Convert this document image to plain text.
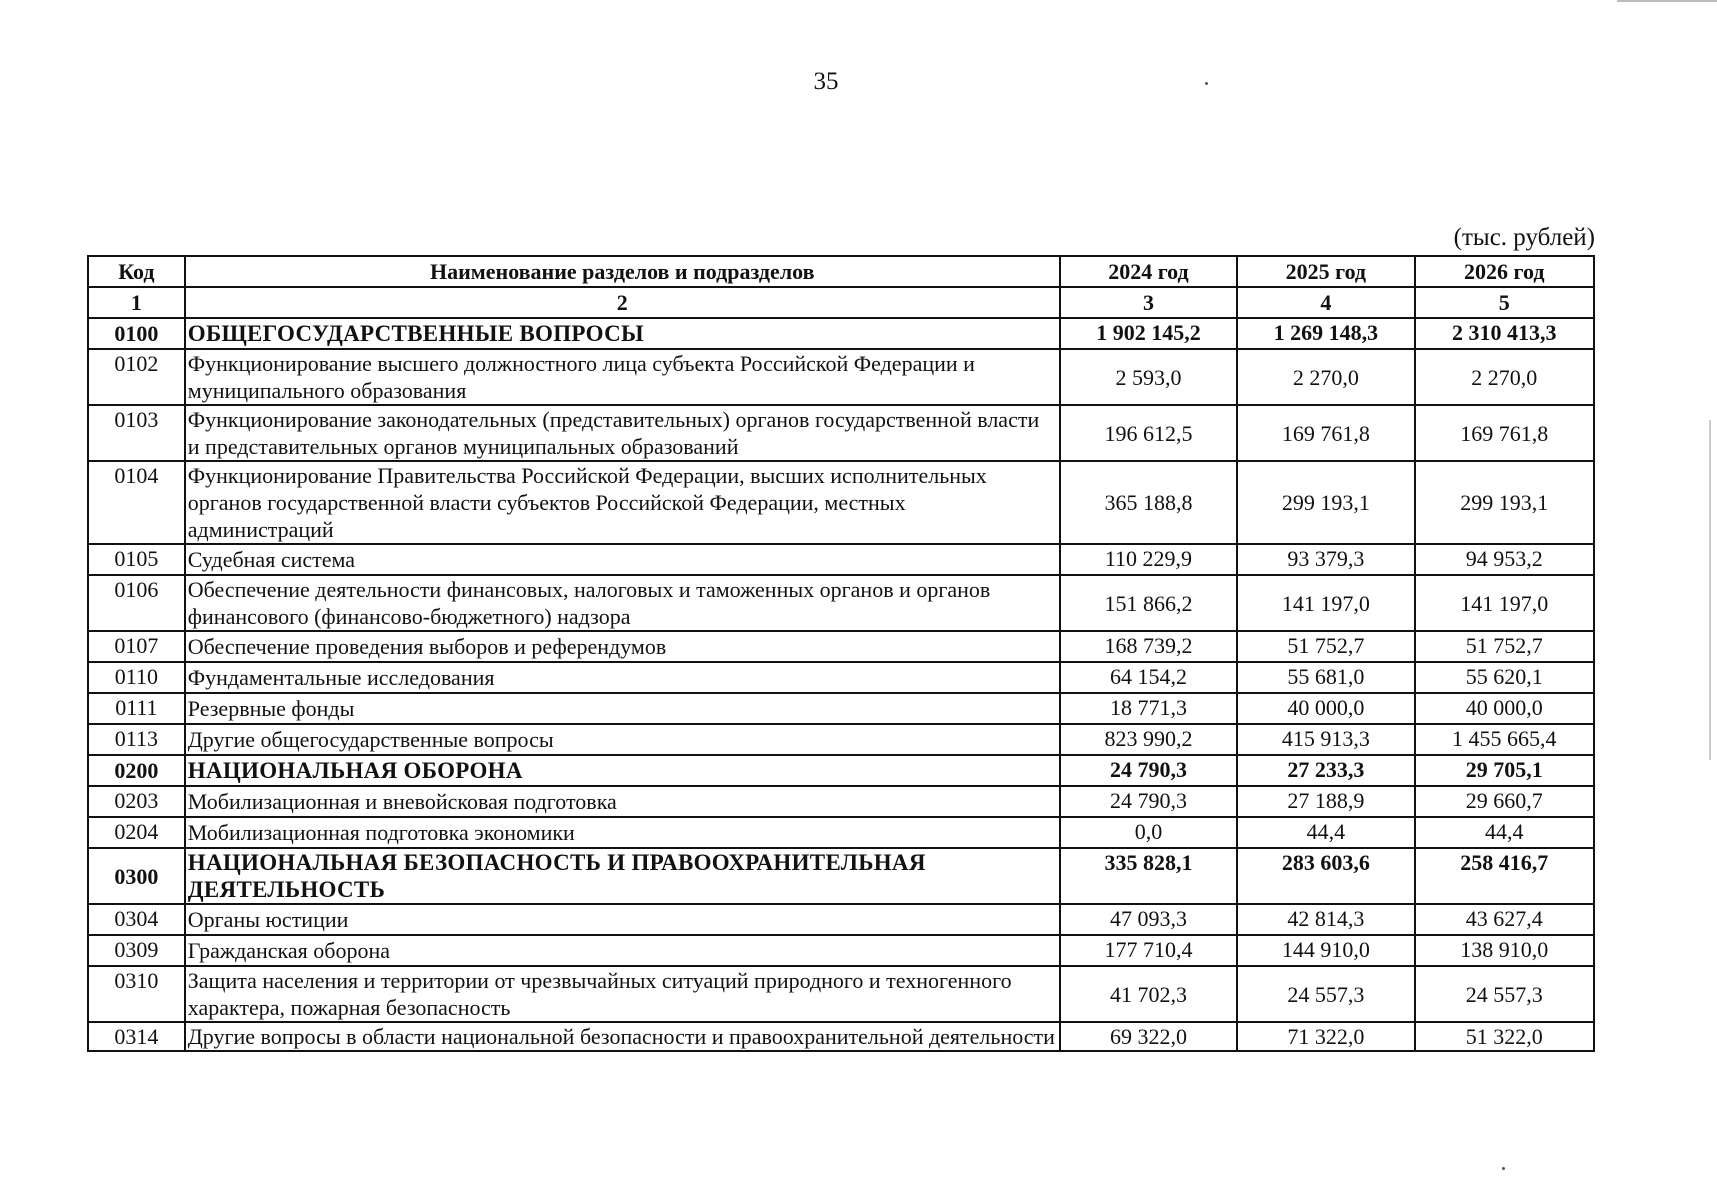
35
(тыс. рублей)
Код	Наименование разделов и подразделов	2024 год	2025 год	2026 год
1	2	3	4	5
0100	ОБЩЕГОСУДАРСТВЕННЫЕ ВОПРОСЫ	1 902 145,2	1 269 148,3	2 310 413,3
0102	Функционирование высшего должностного лица субъекта Российской Федерации и муниципального образования	2 593,0	2 270,0	2 270,0
0103	Функционирование законодательных (представительных) органов государственной власти и представительных органов муниципальных образований	196 612,5	169 761,8	169 761,8
0104	Функционирование Правительства Российской Федерации, высших исполнительных органов государственной власти субъектов Российской Федерации, местных администраций	365 188,8	299 193,1	299 193,1
0105	Судебная система	110 229,9	93 379,3	94 953,2
0106	Обеспечение деятельности финансовых, налоговых и таможенных органов и органов финансового (финансово-бюджетного) надзора	151 866,2	141 197,0	141 197,0
0107	Обеспечение проведения выборов и референдумов	168 739,2	51 752,7	51 752,7
0110	Фундаментальные исследования	64 154,2	55 681,0	55 620,1
0111	Резервные фонды	18 771,3	40 000,0	40 000,0
0113	Другие общегосударственные вопросы	823 990,2	415 913,3	1 455 665,4
0200	НАЦИОНАЛЬНАЯ ОБОРОНА	24 790,3	27 233,3	29 705,1
0203	Мобилизационная и вневойсковая подготовка	24 790,3	27 188,9	29 660,7
0204	Мобилизационная подготовка экономики	0,0	44,4	44,4
0300	НАЦИОНАЛЬНАЯ БЕЗОПАСНОСТЬ И ПРАВООХРАНИТЕЛЬНАЯ ДЕЯТЕЛЬНОСТЬ	335 828,1	283 603,6	258 416,7
0304	Органы юстиции	47 093,3	42 814,3	43 627,4
0309	Гражданская оборона	177 710,4	144 910,0	138 910,0
0310	Защита населения и территории от чрезвычайных ситуаций природного и техногенного характера, пожарная безопасность	41 702,3	24 557,3	24 557,3
0314	Другие вопросы в области национальной безопасности и правоохранительной деятельности	69 322,0	71 322,0	51 322,0
